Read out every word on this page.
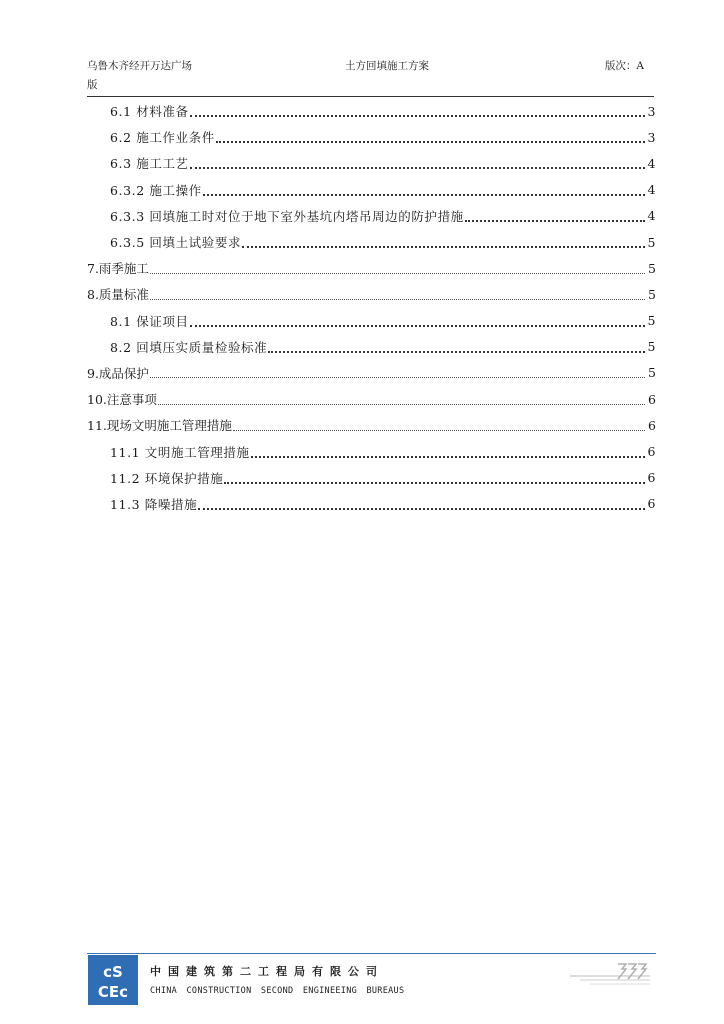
乌鲁木齐经开万达广场	土方回填施工方案	版次：A
版
6.1 材料准备	3
6.2 施工作业条件	3
6.3 施工工艺	4
6.3.2 施工操作	4
6.3.3 回填施工时对位于地下室外基坑内塔吊周边的防护措施	4
6.3.5 回填土试验要求	5
7.雨季施工	5
8.质量标准	5
8.1 保证项目	5
8.2 回填压实质量检验标准	5
9.成品保护	5
10.注意事项	6
11.现场文明施工管理措施	6
11.1 文明施工管理措施	6
11.2 环境保护措施	6
11.3 降噪措施	6
cS
CEc
中国建筑第二工程局有限公司
CHINA CONSTRUCTION SECOND ENGINEEING BUREAUS
